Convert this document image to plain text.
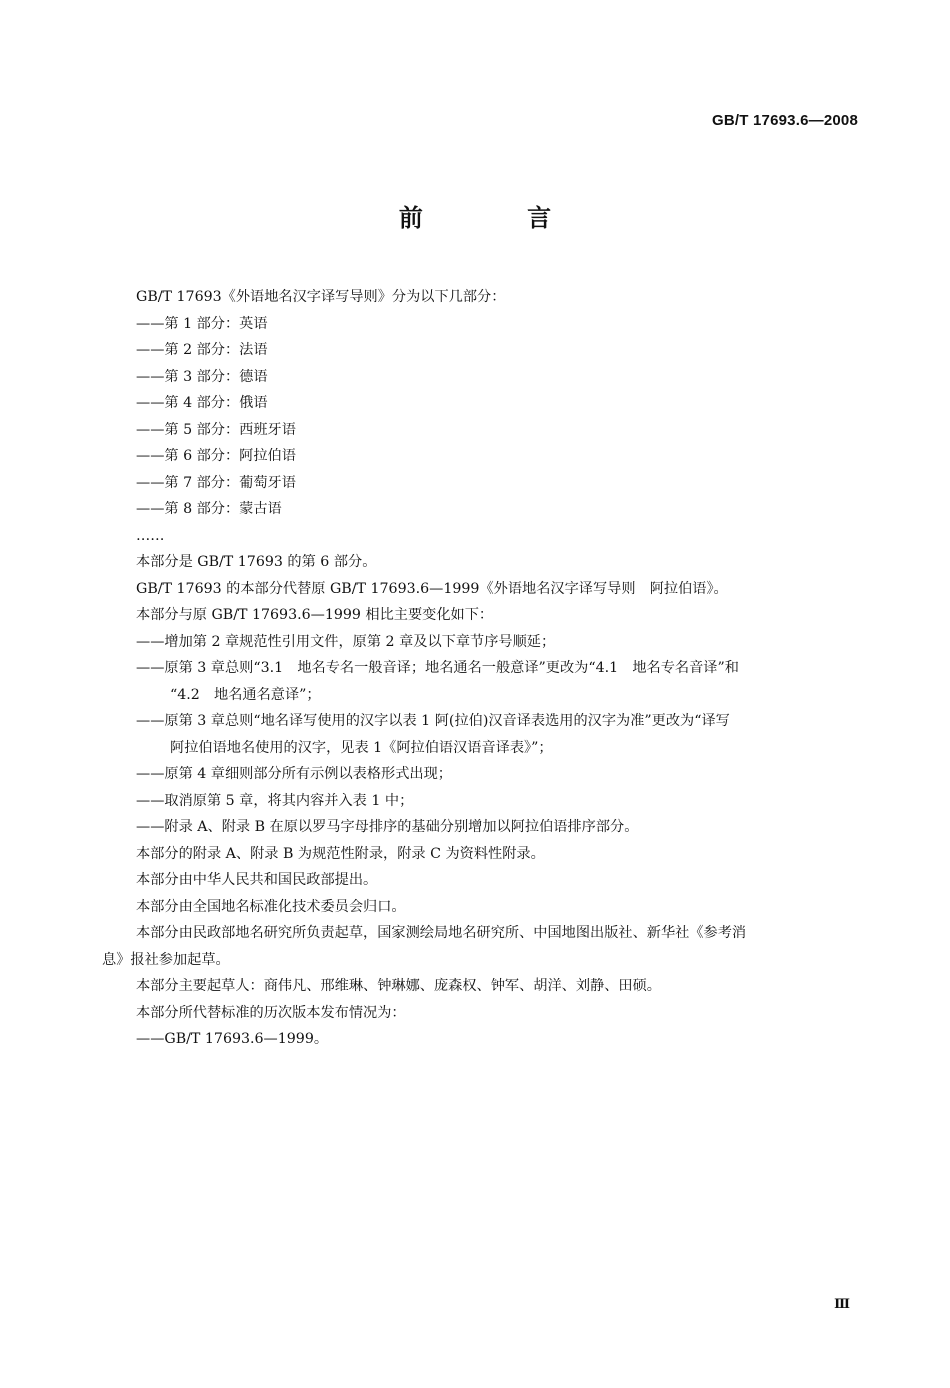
GB/T 17693.6—2008
前 言
GB/T 17693《外语地名汉字译写导则》分为以下几部分：
——第 1 部分：英语
——第 2 部分：法语
——第 3 部分：德语
——第 4 部分：俄语
——第 5 部分：西班牙语
——第 6 部分：阿拉伯语
——第 7 部分：葡萄牙语
——第 8 部分：蒙古语
……
本部分是 GB/T 17693 的第 6 部分。
GB/T 17693 的本部分代替原 GB/T 17693.6—1999《外语地名汉字译写导则　阿拉伯语》。
本部分与原 GB/T 17693.6—1999 相比主要变化如下：
——增加第 2 章规范性引用文件，原第 2 章及以下章节序号顺延；
——原第 3 章总则“3.1　地名专名一般音译；地名通名一般意译”更改为“4.1　地名专名音译”和
“4.2　地名通名意译”；
——原第 3 章总则“地名译写使用的汉字以表 1 阿(拉伯)汉音译表选用的汉字为准”更改为“译写
阿拉伯语地名使用的汉字，见表 1《阿拉伯语汉语音译表》”；
——原第 4 章细则部分所有示例以表格形式出现；
——取消原第 5 章，将其内容并入表 1 中；
——附录 A、附录 B 在原以罗马字母排序的基础分别增加以阿拉伯语排序部分。
本部分的附录 A、附录 B 为规范性附录，附录 C 为资料性附录。
本部分由中华人民共和国民政部提出。
本部分由全国地名标准化技术委员会归口。
本部分由民政部地名研究所负责起草，国家测绘局地名研究所、中国地图出版社、新华社《参考消
息》报社参加起草。
本部分主要起草人：商伟凡、邢维琳、钟琳娜、庞森权、钟军、胡洋、刘静、田硕。
本部分所代替标准的历次版本发布情况为：
——GB/T 17693.6—1999。
Ⅲ
